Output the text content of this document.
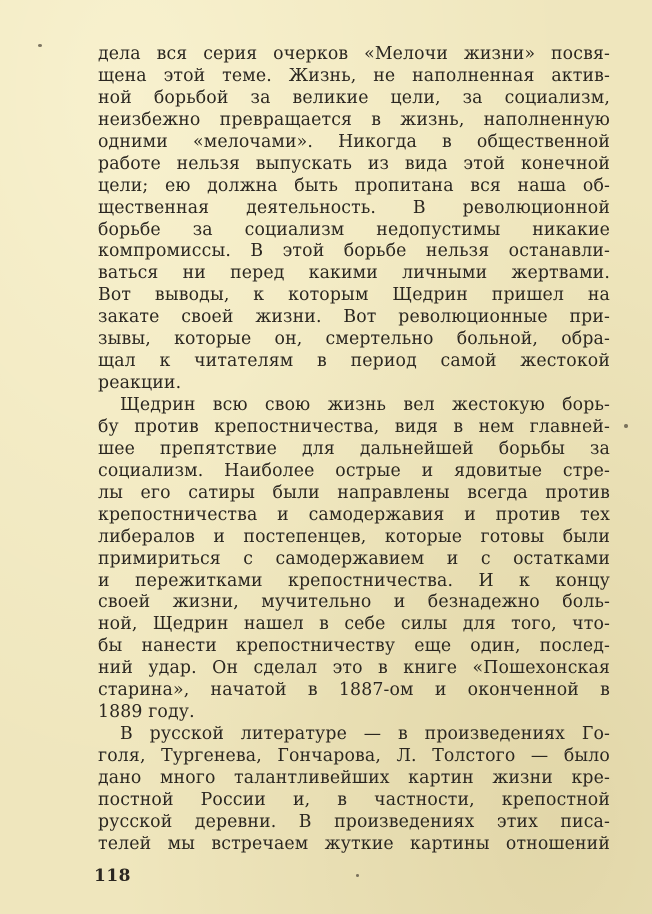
дела вся серия очерков «Мелочи жизни» посвя-
щена этой теме. Жизнь, не наполненная актив-
ной борьбой за великие цели, за социализм,
неизбежно превращается в жизнь, наполненную
одними «мелочами». Никогда в общественной
работе нельзя выпускать из вида этой конечной
цели; ею должна быть пропитана вся наша об-
щественная деятельность. В революционной
борьбе за социализм недопустимы никакие
компромиссы. В этой борьбе нельзя останавли-
ваться ни перед какими личными жертвами.
Вот выводы, к которым Щедрин пришел на
закате своей жизни. Вот революционные при-
зывы, которые он, смертельно больной, обра-
щал к читателям в период самой жестокой
реакции.
Щедрин всю свою жизнь вел жестокую борь-
бу против крепостничества, видя в нем главней-
шее препятствие для дальнейшей борьбы за
социализм. Наиболее острые и ядовитые стре-
лы его сатиры были направлены всегда против
крепостничества и самодержавия и против тех
либералов и постепенцев, которые готовы были
примириться с самодержавием и с остатками
и пережитками крепостничества. И к концу
своей жизни, мучительно и безнадежно боль-
ной, Щедрин нашел в себе силы для того, что-
бы нанести крепостничеству еще один, послед-
ний удар. Он сделал это в книге «Пошехонская
старина», начатой в 1887-ом и оконченной в
1889 году.
В русской литературе — в произведениях Го-
голя, Тургенева, Гончарова, Л. Толстого — было
дано много талантливейших картин жизни кре-
постной России и, в частности, крепостной
русской деревни. В произведениях этих писа-
телей мы встречаем жуткие картины отношений
118
